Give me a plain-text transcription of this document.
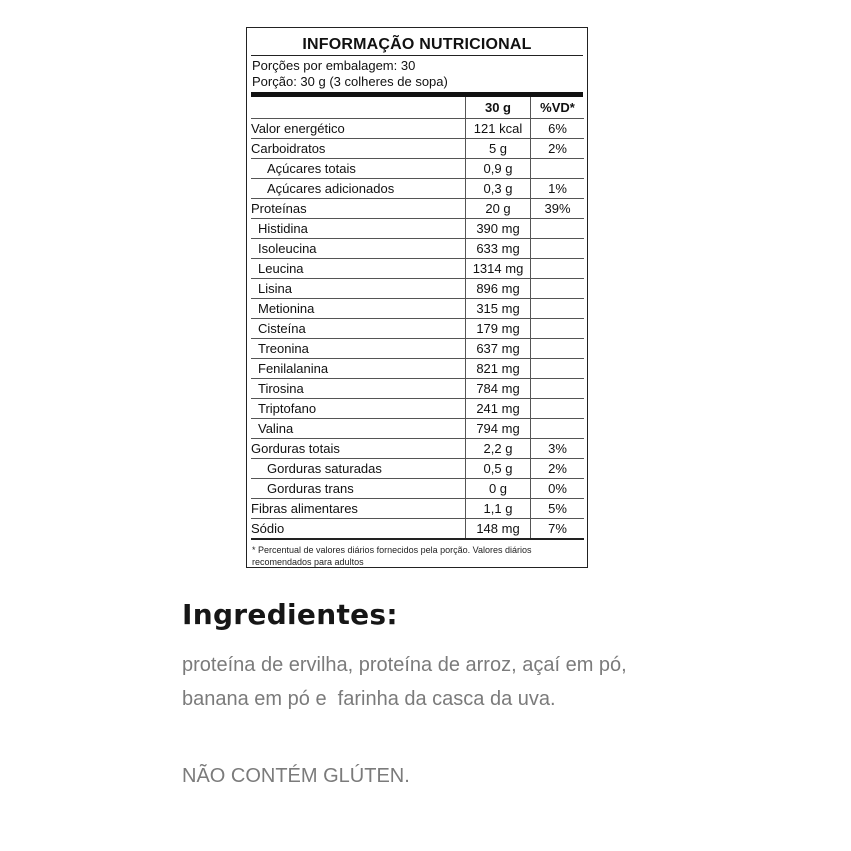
INFORMAÇÃO NUTRICIONAL
Porções por embalagem: 30
Porção: 30 g (3 colheres de sopa)
	30 g	%VD*
Valor energético	121 kcal	6%
Carboidratos	5 g	2%
Açúcares totais	0,9 g	
Açúcares adicionados	0,3 g	1%
Proteínas	20 g	39%
Histidina	390 mg	
Isoleucina	633 mg	
Leucina	1314 mg	
Lisina	896 mg	
Metionina	315 mg	
Cisteína	179 mg	
Treonina	637 mg	
Fenilalanina	821 mg	
Tirosina	784 mg	
Triptofano	241 mg	
Valina	794 mg	
Gorduras totais	2,2 g	3%
Gorduras saturadas	0,5 g	2%
Gorduras trans	0 g	0%
Fibras alimentares	1,1 g	5%
Sódio	148 mg	7%
* Percentual de valores diários fornecidos pela porção. Valores diários recomendados para adultos
Ingredientes:
proteína de ervilha, proteína de arroz, açaí em pó,
banana em pó e  farinha da casca da uva.
NÃO CONTÉM GLÚTEN.
